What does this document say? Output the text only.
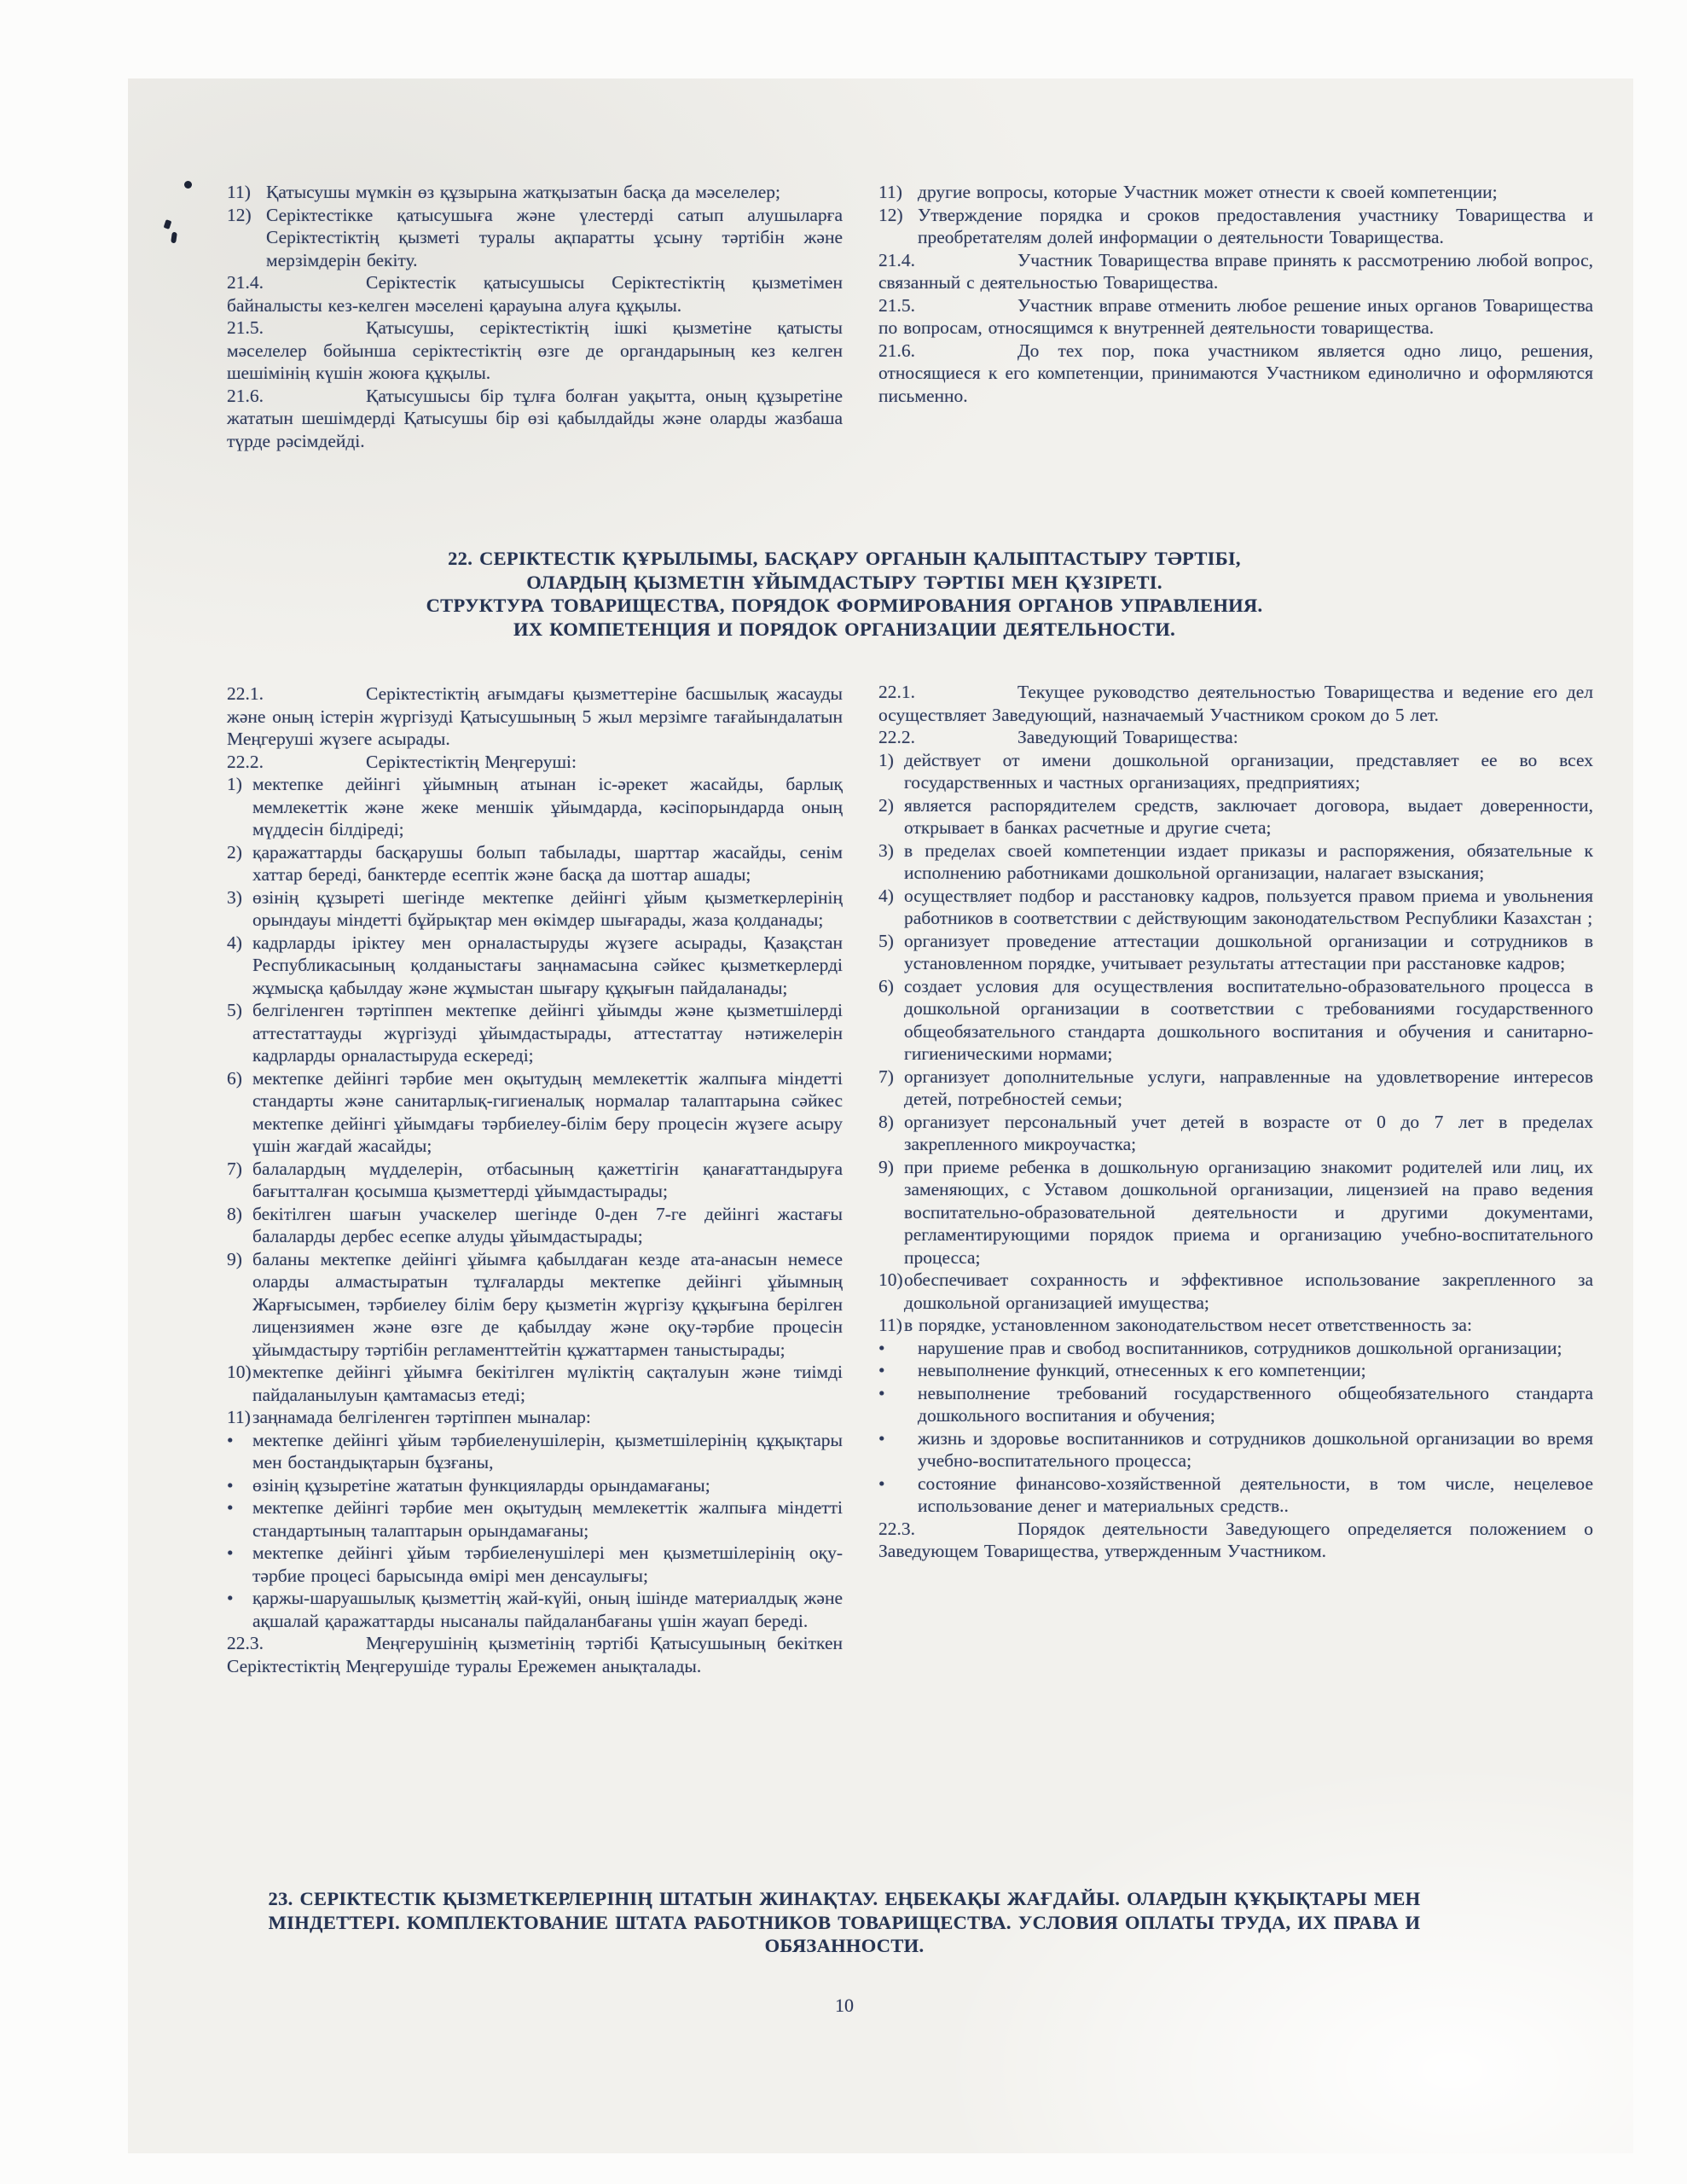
11) Қатысушы мүмкін өз құзырына жатқызатын басқа да мәселелер;

12) Серіктестікке қатысушыға және үлестерді сатып алушыларға Серіктестіктің қызметі туралы ақпаратты ұсыну тәртібін және мерзімдерін бекіту.

21.4.	Серіктестік қатысушысы Серіктестіктің қызметімен байналысты кез-келген мәселені қарауына алуға құқылы.

21.5.	Қатысушы, серіктестіктің ішкі қызметіне қатысты мәселелер бойынша серіктестіктің өзге де органдарының кез келген шешімінің күшін жоюға құқылы.

21.6.	Қатысушысы бір тұлға болған уақытта, оның құзыретіне жататын шешімдерді Қатысушы бір өзі қабылдайды және оларды жазбаша түрде рәсімдейді.

11) другие вопросы, которые Участник может отнести к своей компетенции;

12) Утверждение порядка и сроков предоставления участнику Товарищества и преобретателям долей информации о деятельности Товарищества.

21.4.	Участник Товарищества вправе принять к рассмотрению любой вопрос, связанный с деятельностью Товарищества.

21.5.	Участник вправе отменить любое решение иных органов Товарищества по вопросам, относящимся к внутренней деятельности товарищества.

21.6.	До тех пор, пока участником является одно лицо, решения, относящиеся к его компетенции, принимаются Участником единолично и оформляются письменно.

22. СЕРІКТЕСТІК ҚҰРЫЛЫМЫ, БАСҚАРУ ОРГАНЫН ҚАЛЫПТАСТЫРУ ТӘРТІБІ,
ОЛАРДЫҢ ҚЫЗМЕТІН ҰЙЫМДАСТЫРУ ТӘРТІБІ МЕН ҚҰЗІРЕТІ.
СТРУКТУРА ТОВАРИЩЕСТВА, ПОРЯДОК ФОРМИРОВАНИЯ ОРГАНОВ УПРАВЛЕНИЯ.
ИХ КОМПЕТЕНЦИЯ И ПОРЯДОК ОРГАНИЗАЦИИ ДЕЯТЕЛЬНОСТИ.

22.1.	Серіктестіктің ағымдағы қызметтеріне басшылық жасауды және оның істерін жүргізуді Қатысушының 5 жыл мерзімге тағайындалатын Меңгеруші жүзеге асырады.

22.2.	Серіктестіктің Меңгеруші:

1) мектепке дейінгі ұйымның атынан іс-әрекет жасайды, барлық мемлекеттік және жеке меншік ұйымдарда, кәсіпорындарда оның мүддесін білдіреді;

2) қаражаттарды басқарушы болып табылады, шарттар жасайды, сенім хаттар береді, банктерде есептік және басқа да шоттар ашады;

3) өзінің құзыреті шегінде мектепке дейінгі ұйым қызметкерлерінің орындауы міндетті бұйрықтар мен өкімдер шығарады, жаза қолданады;

4) кадрларды іріктеу мен орналастыруды жүзеге асырады, Қазақстан Республикасының қолданыстағы заңнамасына сәйкес қызметкерлерді жұмысқа қабылдау және жұмыстан шығару құқығын пайдаланады;

5) белгіленген тәртіппен мектепке дейінгі ұйымды және қызметшілерді аттестаттауды жүргізуді ұйымдастырады, аттестаттау нәтижелерін кадрларды орналастыруда ескереді;

6) мектепке дейінгі тәрбие мен оқытудың мемлекеттік жалпыға міндетті стандарты және санитарлық-гигиеналық нормалар талаптарына сәйкес мектепке дейінгі ұйымдағы тәрбиелеу-білім беру процесін жүзеге асыру үшін жағдай жасайды;

7) балалардың мүдделерін, отбасының қажеттігін қанағаттандыруға бағытталған қосымша қызметтерді ұйымдастырады;

8) бекітілген шағын учаскелер шегінде 0-ден 7-ге дейінгі жастағы балаларды дербес есепке алуды ұйымдастырады;

9) баланы мектепке дейінгі ұйымға қабылдаған кезде ата-анасын немесе оларды алмастыратын тұлғаларды мектепке дейінгі ұйымның Жарғысымен, тәрбиелеу білім беру қызметін жүргізу құқығына берілген лицензиямен және өзге де қабылдау және оқу-тәрбие процесін ұйымдастыру тәртібін регламенттейтін құжаттармен таныстырады;

10) мектепке дейінгі ұйымға бекітілген мүліктің сақталуын және тиімді пайдаланылуын қамтамасыз етеді;

11) заңнамада белгіленген тәртіппен мыналар:

• мектепке дейінгі ұйым тәрбиеленушілерін, қызметшілерінің құқықтары мен бостандықтарын бұзғаны,

• өзінің құзыретіне жататын функцияларды орындамағаны;

• мектепке дейінгі тәрбие мен оқытудың мемлекеттік жалпыға міндетті стандартының талаптарын орындамағаны;

• мектепке дейінгі ұйым тәрбиеленушілері мен қызметшілерінің оқу-тәрбие процесі барысында өмірі мен денсаулығы;

• қаржы-шаруашылық қызметтің жай-күйі, оның ішінде материалдық және ақшалай қаражаттарды нысаналы пайдаланбағаны үшін жауап береді.

22.3.	Меңгерушінің қызметінің тәртібі Қатысушының бекіткен Серіктестіктің Меңгерушіде туралы Ережемен анықталады.

22.1.	Текущее руководство деятельностью Товарищества и ведение его дел осуществляет Заведующий, назначаемый Участником сроком до 5 лет.

22.2.	Заведующий Товарищества:

1) действует от имени дошкольной организации, представляет ее во всех государственных и частных организациях, предприятиях;

2) является распорядителем средств, заключает договора, выдает доверенности, открывает в банках расчетные и другие счета;

3) в пределах своей компетенции издает приказы и распоряжения, обязательные к исполнению работниками дошкольной организации, налагает взыскания;

4) осуществляет подбор и расстановку кадров, пользуется правом приема и увольнения работников в соответствии с действующим законодательством Республики Казахстан ;

5) организует проведение аттестации дошкольной организации и сотрудников в установленном порядке, учитывает результаты аттестации при расстановке кадров;

6) создает условия для осуществления воспитательно-образовательного процесса в дошкольной организации в соответствии с требованиями государственного общеобязательного стандарта дошкольного воспитания и обучения и санитарно-гигиеническими нормами;

7) организует дополнительные услуги, направленные на удовлетворение интересов детей, потребностей семьи;

8) организует персональный учет детей в возрасте от 0 до 7 лет в пределах закрепленного микроучастка;

9) при приеме ребенка в дошкольную организацию знакомит родителей или лиц, их заменяющих, с Уставом дошкольной организации, лицензией на право ведения воспитательно-образовательной деятельности и другими документами, регламентирующими порядок приема и организацию учебно-воспитательного процесса;

10) обеспечивает сохранность и эффективное использование закрепленного за дошкольной организацией имущества;

11) в порядке, установленном законодательством несет ответственность за:

• нарушение прав и свобод воспитанников, сотрудников дошкольной организации;

• невыполнение функций, отнесенных к его компетенции;

• невыполнение требований государственного общеобязательного стандарта дошкольного воспитания и обучения;

• жизнь и здоровье воспитанников и сотрудников дошкольной организации во время учебно-воспитательного процесса;

• состояние финансово-хозяйственной деятельности, в том числе, нецелевое использование денег и материальных средств..

22.3.	Порядок деятельности Заведующего определяется положением о Заведующем Товарищества, утвержденным Участником.

23. СЕРІКТЕСТІК ҚЫЗМЕТКЕРЛЕРІНІҢ ШТАТЫН ЖИНАҚТАУ. ЕҢБЕКАҚЫ ЖАҒДАЙЫ. ОЛАРДЫН ҚҰҚЫҚТАРЫ МЕН
МІНДЕТТЕРІ. КОМПЛЕКТОВАНИЕ ШТАТА РАБОТНИКОВ ТОВАРИЩЕСТВА. УСЛОВИЯ ОПЛАТЫ ТРУДА, ИХ ПРАВА И
ОБЯЗАННОСТИ.
10
